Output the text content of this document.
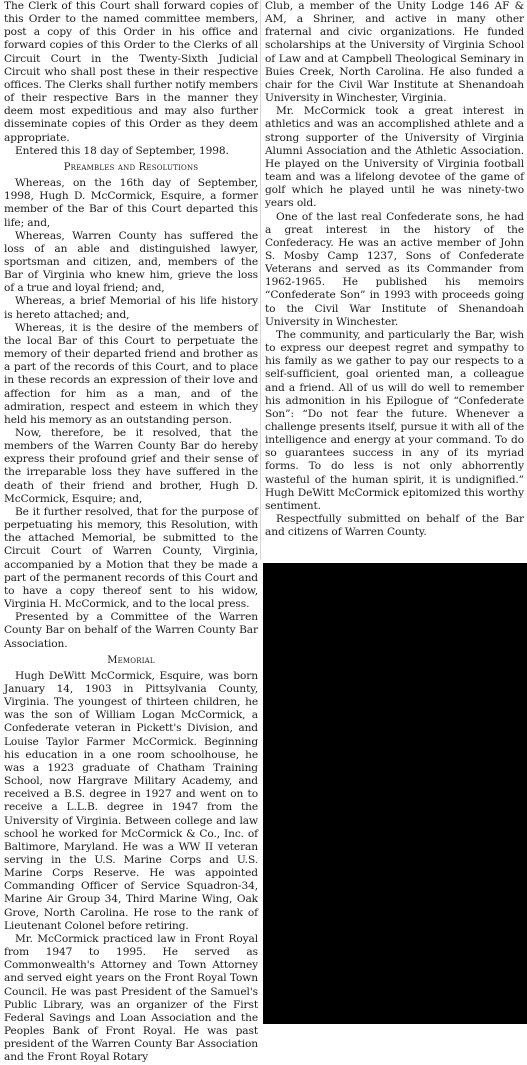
The Clerk of this Court shall forward copies of this Order to the named committee members, post a copy of this Order in his office and forward copies of this Order to the Clerks of all Circuit Court in the Twenty-Sixth Judicial Circuit who shall post these in their respective offices. The Clerks shall further notify members of their respective Bars in the manner they deem most expeditious and may also further disseminate copies of this Order as they deem appropriate.

Entered this 18 day of September, 1998.

Preambles and Resolutions

Whereas, on the 16th day of September, 1998, Hugh D. McCormick, Esquire, a former member of the Bar of this Court departed this life; and,

Whereas, Warren County has suffered the loss of an able and distinguished lawyer, sportsman and citizen, and, members of the Bar of Virginia who knew him, grieve the loss of a true and loyal friend; and,

Whereas, a brief Memorial of his life history is hereto attached; and,

Whereas, it is the desire of the members of the local Bar of this Court to perpetuate the memory of their departed friend and brother as a part of the records of this Court, and to place in these records an expression of their love and affection for him as a man, and of the admiration, respect and esteem in which they held his memory as an outstanding person.

Now, therefore, be it resolved, that the members of the Warren County Bar do hereby express their profound grief and their sense of the irreparable loss they have suffered in the death of their friend and brother, Hugh D. McCormick, Esquire; and,

Be it further resolved, that for the purpose of perpetuating his memory, this Resolution, with the attached Memorial, be submitted to the Circuit Court of Warren County, Virginia, accompanied by a Motion that they be made a part of the permanent records of this Court and to have a copy thereof sent to his widow, Virginia H. McCormick, and to the local press.

Presented by a Committee of the Warren County Bar on behalf of the Warren County Bar Association.

Memorial

Hugh DeWitt McCormick, Esquire, was born January 14, 1903 in Pittsylvania County, Virginia. The youngest of thirteen children, he was the son of William Logan McCormick, a Confederate veteran in Pickett's Division, and Louise Taylor Farmer McCormick. Beginning his education in a one room schoolhouse, he was a 1923 graduate of Chatham Training School, now Hargrave Military Academy, and received a B.S. degree in 1927 and went on to receive a L.L.B. degree in 1947 from the University of Virginia. Between college and law school he worked for McCormick & Co., Inc. of Baltimore, Maryland. He was a WW II veteran serving in the U.S. Marine Corps and U.S. Marine Corps Reserve. He was appointed Commanding Officer of Service Squadron-34, Marine Air Group 34, Third Marine Wing, Oak Grove, North Carolina. He rose to the rank of Lieutenant Colonel before retiring.

Mr. McCormick practiced law in Front Royal from 1947 to 1995. He served as Commonwealth's Attorney and Town Attorney and served eight years on the Front Royal Town Council. He was past President of the Samuel's Public Library, was an organizer of the First Federal Savings and Loan Association and the Peoples Bank of Front Royal. He was past president of the Warren County Bar Association and the Front Royal Rotary

Club, a member of the Unity Lodge 146 AF & AM, a Shriner, and active in many other fraternal and civic organizations. He funded scholarships at the University of Virginia School of Law and at Campbell Theological Seminary in Buies Creek, North Carolina. He also funded a chair for the Civil War Institute at Shenandoah University in Winchester, Virginia.

Mr. McCormick took a great interest in athletics and was an accomplished athlete and a strong supporter of the University of Virginia Alumni Association and the Athletic Association. He played on the University of Virginia football team and was a lifelong devotee of the game of golf which he played until he was ninety-two years old.

One of the last real Confederate sons, he had a great interest in the history of the Confederacy. He was an active member of John S. Mosby Camp 1237, Sons of Confederate Veterans and served as its Commander from 1962-1965. He published his memoirs “Confederate Son” in 1993 with proceeds going to the Civil War Institute of Shenandoah University in Winchester.

The community, and particularly the Bar, wish to express our deepest regret and sympathy to his family as we gather to pay our respects to a self-sufficient, goal oriented man, a colleague and a friend. All of us will do well to remember his admonition in his Epilogue of “Confederate Son”: “Do not fear the future. Whenever a challenge presents itself, pursue it with all of the intelligence and energy at your command. To do so guarantees success in any of its myriad forms. To do less is not only abhorrently wasteful of the human spirit, it is undignified.” Hugh DeWitt McCormick epitomized this worthy sentiment.

Respectfully submitted on behalf of the Bar and citizens of Warren County.
